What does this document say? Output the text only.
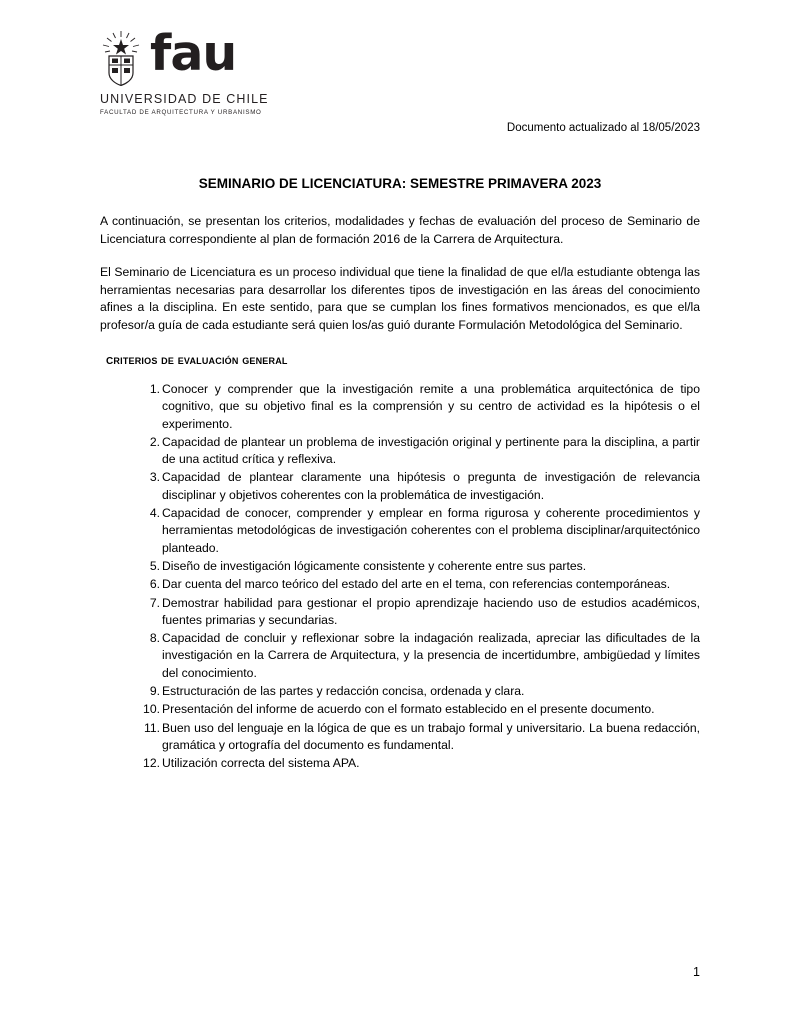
fau
UNIVERSIDAD DE CHILE
FACULTAD DE ARQUITECTURA Y URBANISMO
Documento actualizado al 18/05/2023
SEMINARIO DE LICENCIATURA: SEMESTRE PRIMAVERA 2023

A continuación, se presentan los criterios, modalidades y fechas de evaluación del proceso de Seminario de Licenciatura correspondiente al plan de formación 2016 de la Carrera de Arquitectura.

El Seminario de Licenciatura es un proceso individual que tiene la finalidad de que el/la estudiante obtenga las herramientas necesarias para desarrollar los diferentes tipos de investigación en las áreas del conocimiento afines a la disciplina. En este sentido, para que se cumplan los fines formativos mencionados, es que el/la profesor/a guía de cada estudiante será quien los/as guió durante Formulación Metodológica del Seminario.

criterios de evaluación general
Conocer y comprender que la investigación remite a una problemática arquitectónica de tipo cognitivo, que su objetivo final es la comprensión y su centro de actividad es la hipótesis o el experimento.
Capacidad de plantear un problema de investigación original y pertinente para la disciplina, a partir de una actitud crítica y reflexiva.
Capacidad de plantear claramente una hipótesis o pregunta de investigación de relevancia disciplinar y objetivos coherentes con la problemática de investigación.
Capacidad de conocer, comprender y emplear en forma rigurosa y coherente procedimientos y herramientas metodológicas de investigación coherentes con el problema disciplinar/arquitectónico planteado.
Diseño de investigación lógicamente consistente y coherente entre sus partes.
Dar cuenta del marco teórico del estado del arte en el tema, con referencias contemporáneas.
Demostrar habilidad para gestionar el propio aprendizaje haciendo uso de estudios académicos, fuentes primarias y secundarias.
Capacidad de concluir y reflexionar sobre la indagación realizada, apreciar las dificultades de la investigación en la Carrera de Arquitectura, y la presencia de incertidumbre, ambigüedad y límites del conocimiento.
Estructuración de las partes y redacción concisa, ordenada y clara.
Presentación del informe de acuerdo con el formato establecido en el presente documento.
Buen uso del lenguaje en la lógica de que es un trabajo formal y universitario. La buena redacción, gramática y ortografía del documento es fundamental.
Utilización correcta del sistema APA.
1
